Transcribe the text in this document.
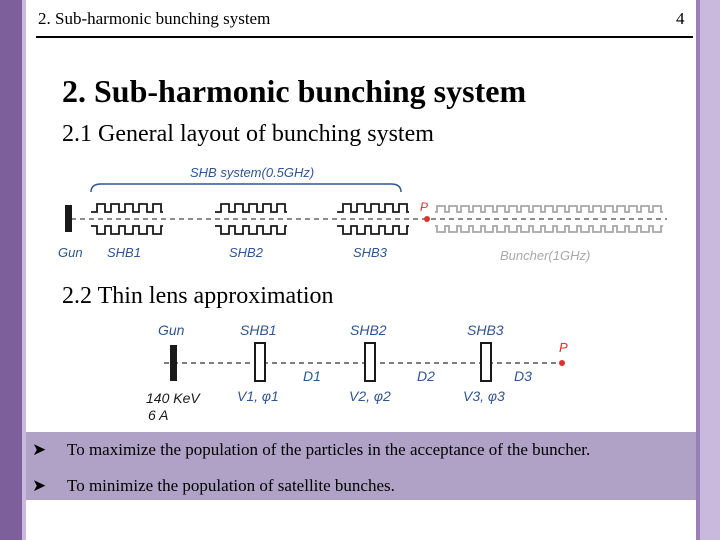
2. Sub-harmonic bunching system	4
2. Sub-harmonic bunching system
2.1 General layout of bunching system
SHB system(0.5GHz)
P
Gun SHB1	SHB2	SHB3	Buncher(1GHz)
2.2 Thin lens approximation
Gun	SHB1	SHB2	SHB3
P
D1	D2	D3
140 KeV
6 A
V1, φ1	V2, φ2	V3, φ3
➤	To maximize the population of the particles in the acceptance of the buncher.
➤	To minimize the population of satellite bunches.
